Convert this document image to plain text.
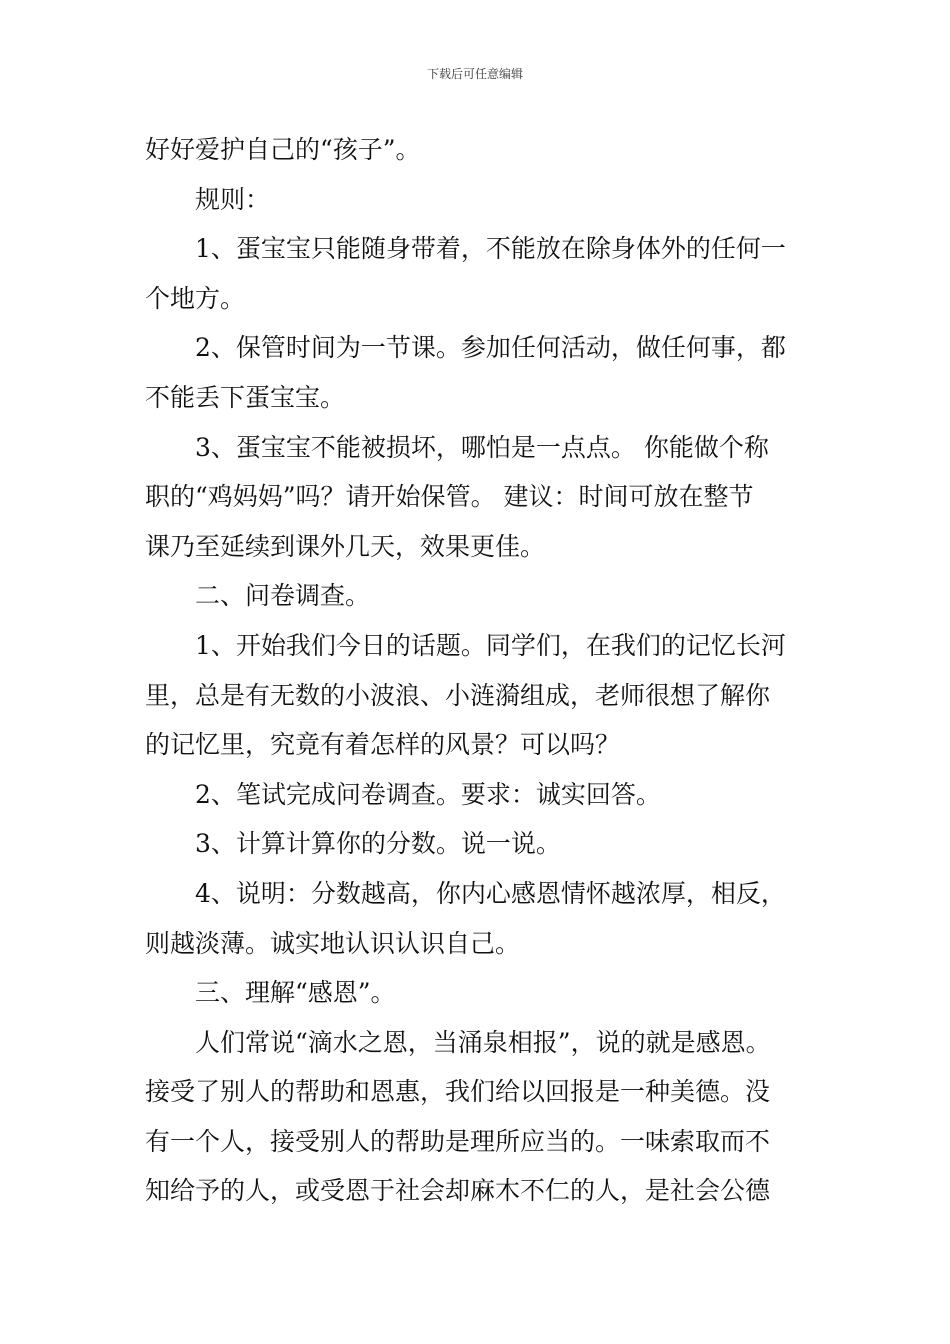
下载后可任意编辑
好好爱护自己的“孩子”。
规则：
1、蛋宝宝只能随身带着，不能放在除身体外的任何一
个地方。
2、保管时间为一节课。参加任何活动，做任何事，都
不能丢下蛋宝宝。
3、蛋宝宝不能被损坏，哪怕是一点点。 你能做个称
职的“鸡妈妈”吗？请开始保管。 建议：时间可放在整节
课乃至延续到课外几天，效果更佳。
二、问卷调查。
1、开始我们今日的话题。同学们，在我们的记忆长河
里，总是有无数的小波浪、小涟漪组成，老师很想了解你
的记忆里，究竟有着怎样的风景？可以吗？
2、笔试完成问卷调查。要求：诚实回答。
3、计算计算你的分数。说一说。
4、说明：分数越高，你内心感恩情怀越浓厚，相反，
则越淡薄。诚实地认识认识自己。
三、理解“感恩”。
人们常说“滴水之恩，当涌泉相报”，说的就是感恩。
接受了别人的帮助和恩惠，我们给以回报是一种美德。没
有一个人，接受别人的帮助是理所应当的。一味索取而不
知给予的人，或受恩于社会却麻木不仁的人，是社会公德
